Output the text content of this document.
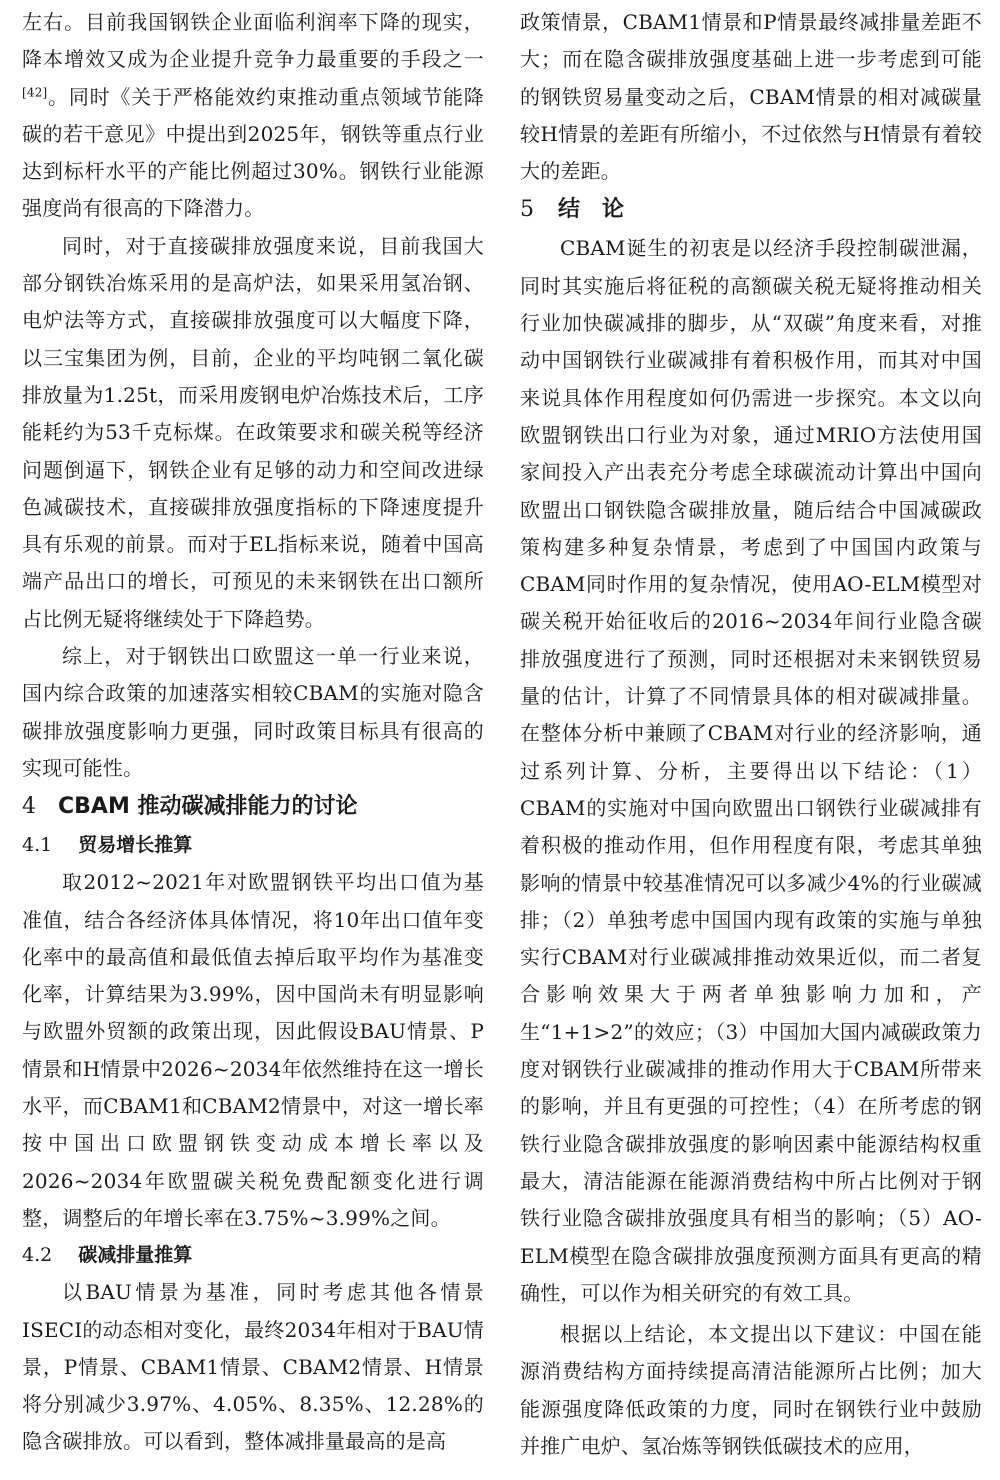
左右。目前我国钢铁企业面临利润率下降的现实，降本增效又成为企业提升竞争力最重要的手段之一[42]。同时《关于严格能效约束推动重点领域节能降碳的若干意见》中提出到2025年，钢铁等重点行业达到标杆水平的产能比例超过30%。钢铁行业能源强度尚有很高的下降潜力。

同时，对于直接碳排放强度来说，目前我国大部分钢铁冶炼采用的是高炉法，如果采用氢冶钢、电炉法等方式，直接碳排放强度可以大幅度下降，以三宝集团为例，目前，企业的平均吨钢二氧化碳排放量为1.25t，而采用废钢电炉冶炼技术后，工序能耗约为53千克标煤。在政策要求和碳关税等经济问题倒逼下，钢铁企业有足够的动力和空间改进绿色减碳技术，直接碳排放强度指标的下降速度提升具有乐观的前景。而对于EL指标来说，随着中国高端产品出口的增长，可预见的未来钢铁在出口额所占比例无疑将继续处于下降趋势。

综上，对于钢铁出口欧盟这一单一行业来说，国内综合政策的加速落实相较CBAM的实施对隐含碳排放强度影响力更强，同时政策目标具有很高的实现可能性。

4 CBAM 推动碳减排能力的讨论
4.1 贸易增长推算

取2012~2021年对欧盟钢铁平均出口值为基准值，结合各经济体具体情况，将10年出口值年变化率中的最高值和最低值去掉后取平均作为基准变化率，计算结果为3.99%，因中国尚未有明显影响与欧盟外贸额的政策出现，因此假设BAU情景、P情景和H情景中2026~2034年依然维持在这一增长水平，而CBAM1和CBAM2情景中，对这一增长率按中国出口欧盟钢铁变动成本增长率以及2026~2034年欧盟碳关税免费配额变化进行调整，调整后的年增长率在3.75%~3.99%之间。

4.2 碳减排量推算

以BAU情景为基准，同时考虑其他各情景ISECI的动态相对变化，最终2034年相对于BAU情景，P情景、CBAM1情景、CBAM2情景、H情景将分别减少3.97%、4.05%、8.35%、12.28%的隐含碳排放。可以看到，整体减排量最高的是高

政策情景，CBAM1情景和P情景最终减排量差距不大；而在隐含碳排放强度基础上进一步考虑到可能的钢铁贸易量变动之后，CBAM情景的相对减碳量较H情景的差距有所缩小，不过依然与H情景有着较大的差距。

5 结　论

CBAM诞生的初衷是以经济手段控制碳泄漏，同时其实施后将征税的高额碳关税无疑将推动相关行业加快碳减排的脚步，从“双碳”角度来看，对推动中国钢铁行业碳减排有着积极作用，而其对中国来说具体作用程度如何仍需进一步探究。本文以向欧盟钢铁出口行业为对象，通过MRIO方法使用国家间投入产出表充分考虑全球碳流动计算出中国向欧盟出口钢铁隐含碳排放量，随后结合中国减碳政策构建多种复杂情景，考虑到了中国国内政策与CBAM同时作用的复杂情况，使用AO-ELM模型对碳关税开始征收后的2016~2034年间行业隐含碳排放强度进行了预测，同时还根据对未来钢铁贸易量的估计，计算了不同情景具体的相对碳减排量。在整体分析中兼顾了CBAM对行业的经济影响，通过系列计算、分析，主要得出以下结论：（1）CBAM的实施对中国向欧盟出口钢铁行业碳减排有着积极的推动作用，但作用程度有限，考虑其单独影响的情景中较基准情况可以多减少4%的行业碳减排；（2）单独考虑中国国内现有政策的实施与单独实行CBAM对行业碳减排推动效果近似，而二者复合影响效果大于两者单独影响力加和，产生“1+1>2”的效应；（3）中国加大国内减碳政策力度对钢铁行业碳减排的推动作用大于CBAM所带来的影响，并且有更强的可控性；（4）在所考虑的钢铁行业隐含碳排放强度的影响因素中能源结构权重最大，清洁能源在能源消费结构中所占比例对于钢铁行业隐含碳排放强度具有相当的影响；（5）AO-ELM模型在隐含碳排放强度预测方面具有更高的精确性，可以作为相关研究的有效工具。

根据以上结论，本文提出以下建议：中国在能源消费结构方面持续提高清洁能源所占比例；加大能源强度降低政策的力度，同时在钢铁行业中鼓励并推广电炉、氢冶炼等钢铁低碳技术的应用，
